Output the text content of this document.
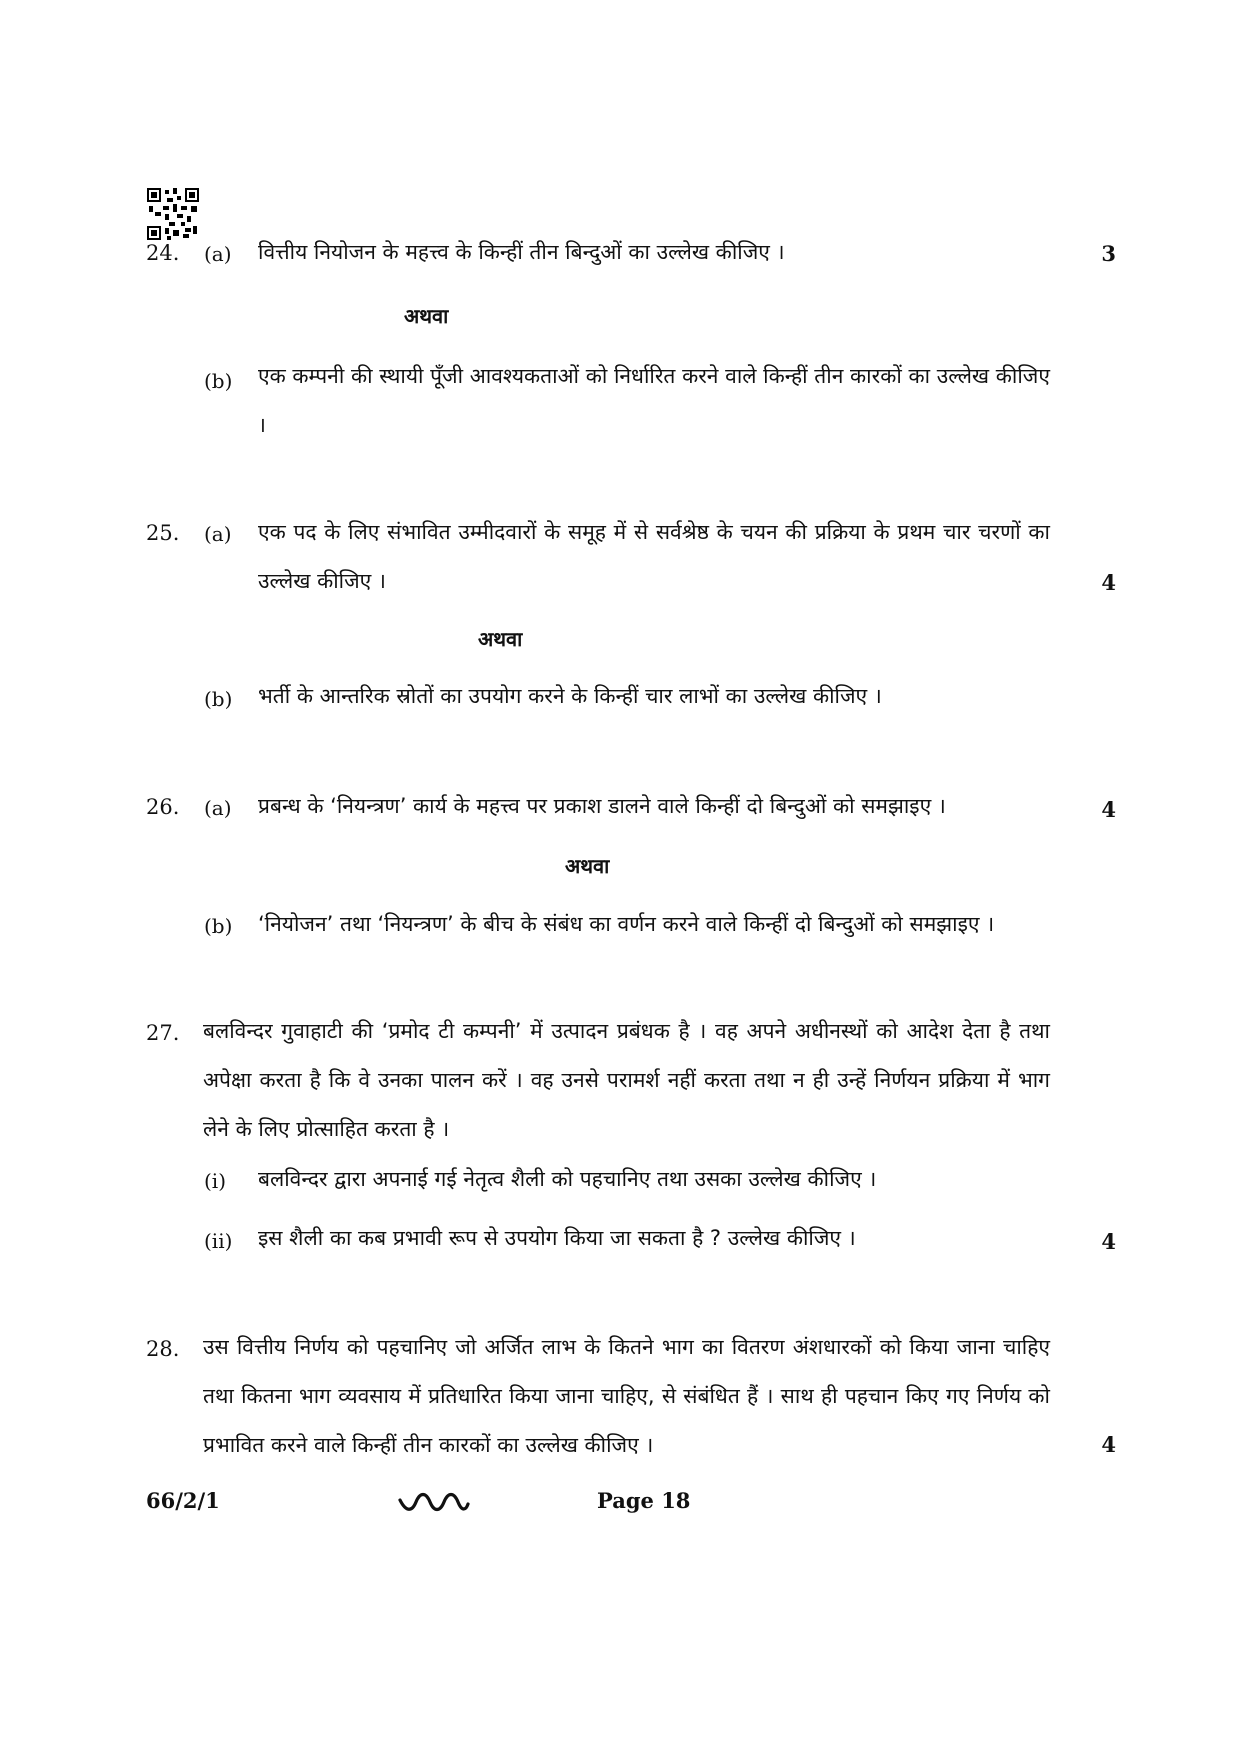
24. (a) वित्तीय नियोजन के महत्त्व के किन्हीं तीन बिन्दुओं का उल्लेख कीजिए ।	3
अथवा
(b) एक कम्पनी की स्थायी पूँजी आवश्यकताओं को निर्धारित करने वाले किन्हीं तीन कारकों का उल्लेख कीजिए ।
25. (a) एक पद के लिए संभावित उम्मीदवारों के समूह में से सर्वश्रेष्ठ के चयन की प्रक्रिया के प्रथम चार चरणों का उल्लेख कीजिए ।	4
अथवा
(b) भर्ती के आन्तरिक स्रोतों का उपयोग करने के किन्हीं चार लाभों का उल्लेख कीजिए ।
26. (a) प्रबन्ध के ‘नियन्त्रण’ कार्य के महत्त्व पर प्रकाश डालने वाले किन्हीं दो बिन्दुओं को समझाइए ।	4
अथवा
(b) ‘नियोजन’ तथा ‘नियन्त्रण’ के बीच के संबंध का वर्णन करने वाले किन्हीं दो बिन्दुओं को समझाइए ।
27. बलविन्दर गुवाहाटी की ‘प्रमोद टी कम्पनी’ में उत्पादन प्रबंधक है । वह अपने अधीनस्थों को आदेश देता है तथा अपेक्षा करता है कि वे उनका पालन करें । वह उनसे परामर्श नहीं करता तथा न ही उन्हें निर्णयन प्रक्रिया में भाग लेने के लिए प्रोत्साहित करता है ।
(i) बलविन्दर द्वारा अपनाई गई नेतृत्व शैली को पहचानिए तथा उसका उल्लेख कीजिए ।
(ii) इस शैली का कब प्रभावी रूप से उपयोग किया जा सकता है ? उल्लेख कीजिए ।	4
28. उस वित्तीय निर्णय को पहचानिए जो अर्जित लाभ के कितने भाग का वितरण अंशधारकों को किया जाना चाहिए तथा कितना भाग व्यवसाय में प्रतिधारित किया जाना चाहिए, से संबंधित हैं । साथ ही पहचान किए गए निर्णय को प्रभावित करने वाले किन्हीं तीन कारकों का उल्लेख कीजिए ।	4
66/2/1	Page 18
